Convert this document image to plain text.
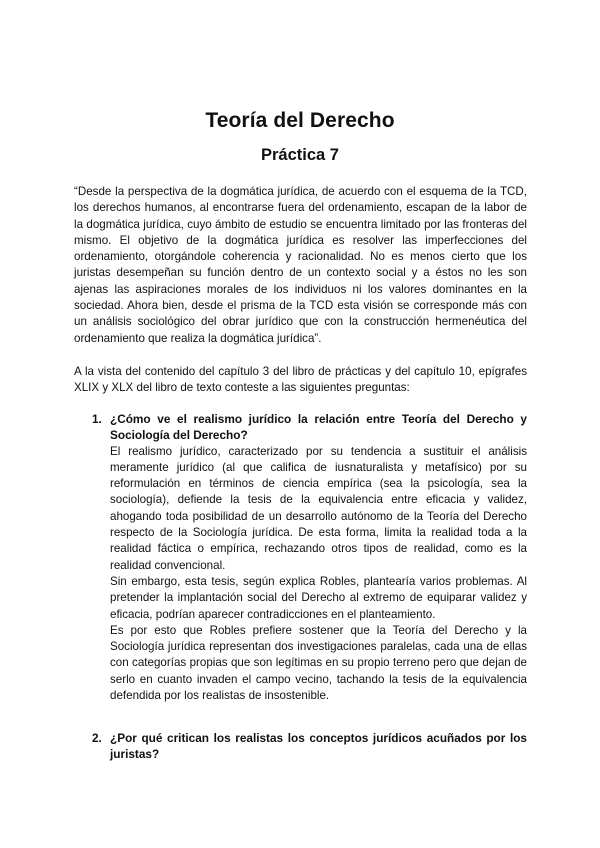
Teoría del Derecho
Práctica 7

“Desde la perspectiva de la dogmática jurídica, de acuerdo con el esquema de la TCD, los derechos humanos, al encontrarse fuera del ordenamiento, escapan de la labor de la dogmática jurídica, cuyo ámbito de estudio se encuentra limitado por las fronteras del mismo. El objetivo de la dogmática jurídica es resolver las imperfecciones del ordenamiento, otorgándole coherencia y racionalidad. No es menos cierto que los juristas desempeñan su función dentro de un contexto social y a éstos no les son ajenas las aspiraciones morales de los individuos ni los valores dominantes en la sociedad. Ahora bien, desde el prisma de la TCD esta visión se corresponde más con un análisis sociológico del obrar jurídico que con la construcción hermenéutica del ordenamiento que realiza la dogmática jurídica”.

A la vista del contenido del capítulo 3 del libro de prácticas y del capítulo 10, epígrafes XLIX y XLX del libro de texto conteste a las siguientes preguntas:

1. ¿Cómo ve el realismo jurídico la relación entre Teoría del Derecho y Sociología del Derecho?

El realismo jurídico, caracterizado por su tendencia a sustituir el análisis meramente jurídico (al que califica de iusnaturalista y metafísico) por su reformulación en términos de ciencia empírica (sea la psicología, sea la sociología), defiende la tesis de la equivalencia entre eficacia y validez, ahogando toda posibilidad de un desarrollo autónomo de la Teoría del Derecho respecto de la Sociología jurídica. De esta forma, limita la realidad toda a la realidad fáctica o empírica, rechazando otros tipos de realidad, como es la realidad convencional.

Sin embargo, esta tesis, según explica Robles, plantearía varios problemas. Al pretender la implantación social del Derecho al extremo de equiparar validez y eficacia, podrían aparecer contradicciones en el planteamiento.

Es por esto que Robles prefiere sostener que la Teoría del Derecho y la Sociología jurídica representan dos investigaciones paralelas, cada una de ellas con categorías propias que son legítimas en su propio terreno pero que dejan de serlo en cuanto invaden el campo vecino, tachando la tesis de la equivalencia defendida por los realistas de insostenible.

2. ¿Por qué critican los realistas los conceptos jurídicos acuñados por los juristas?
